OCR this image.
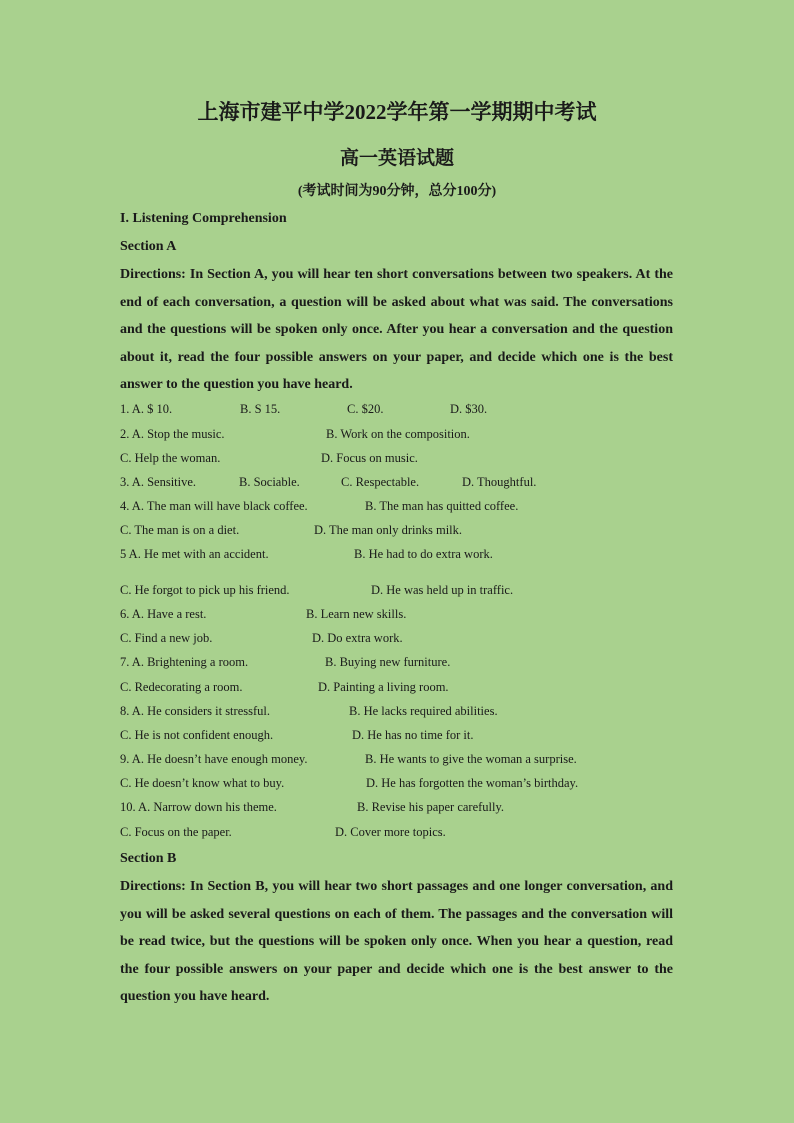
上海市建平中学2022学年第一学期期中考试
高一英语试题
(考试时间为90分钟，总分100分)
I. Listening Comprehension
Section A

Directions: In Section A, you will hear ten short conversations between two speakers. At the end of each conversation, a question will be asked about what was said. The conversations and the questions will be spoken only once. After you hear a conversation and the question about it, read the four possible answers on your paper, and decide which one is the best answer to the question you have heard.

1. A. $ 10.	B. S 15.	C. $20.	D. $30.
2. A. Stop the music.	B. Work on the composition.
C. Help the woman.	D. Focus on music.
3. A. Sensitive.	B. Sociable.	C. Respectable.	D. Thoughtful.
4. A. The man will have black coffee.	B. The man has quitted coffee.
C. The man is on a diet.	D. The man only drinks milk.
5 A. He met with an accident.	B. He had to do extra work.
C. He forgot to pick up his friend.	D. He was held up in traffic.
6. A. Have a rest.	B. Learn new skills.
C. Find a new job.	D. Do extra work.
7. A. Brightening a room.	B. Buying new furniture.
C. Redecorating a room.	D. Painting a living room.
8. A. He considers it stressful.	B. He lacks required abilities.
C. He is not confident enough.	D. He has no time for it.
9. A. He doesn’t have enough money.	B. He wants to give the woman a surprise.
C. He doesn’t know what to buy.	D. He has forgotten the woman’s birthday.
10. A. Narrow down his theme.	B. Revise his paper carefully.
C. Focus on the paper.	D. Cover more topics.
Section B

Directions: In Section B, you will hear two short passages and one longer conversation, and you will be asked several questions on each of them. The passages and the conversation will be read twice, but the questions will be spoken only once. When you hear a question, read the four possible answers on your paper and decide which one is the best answer to the question you have heard.
